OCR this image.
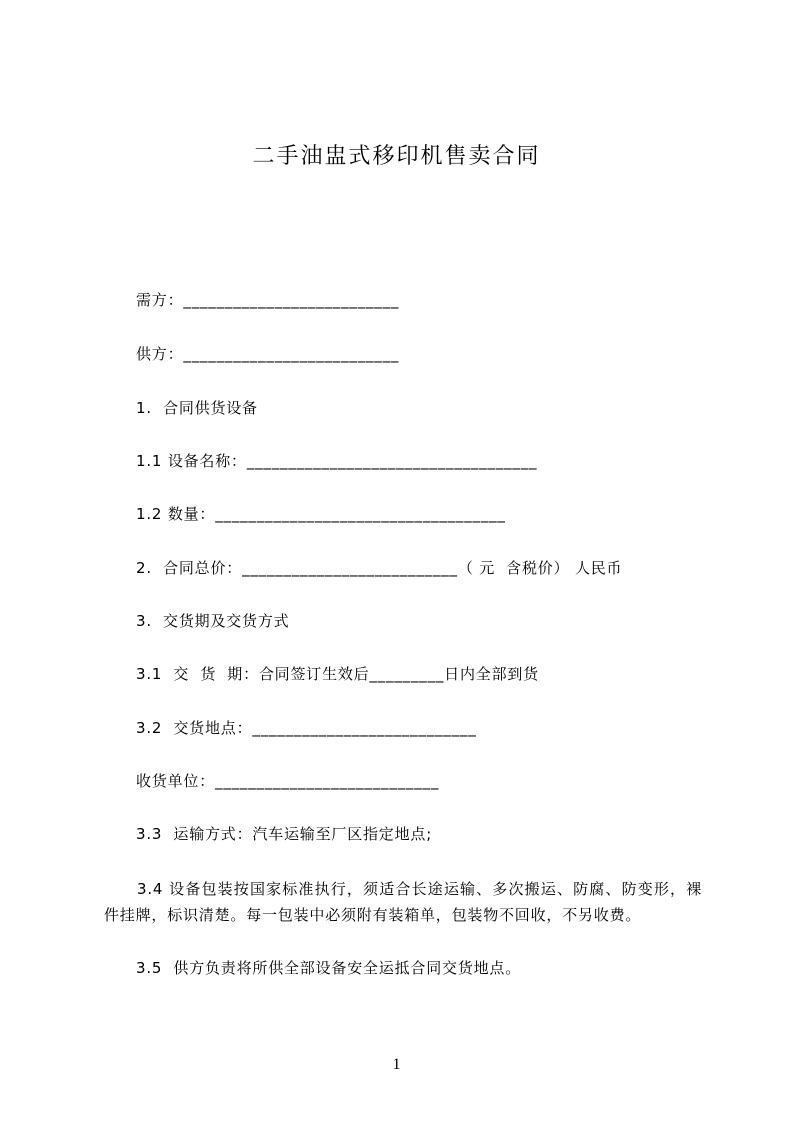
二手油盅式移印机售卖合同
需方：__________________________
供方：__________________________
1.  合同供货设备
1.1 设备名称：___________________________________
1.2 数量：___________________________________
2.  合同总价：__________________________（ 元  含税价） 人民币
3.  交货期及交货方式
3.1  交  货  期：合同签订生效后_________日内全部到货
3.2  交货地点：___________________________
收货单位：___________________________
3.3  运输方式：汽车运输至厂区指定地点;
3.4 设备包装按国家标准执行，须适合长途运输、多次搬运、防腐、防变形，裸
件挂牌，标识清楚。每一包装中必须附有装箱单，包装物不回收，不另收费。
3.5  供方负责将所供全部设备安全运抵合同交货地点。
1
